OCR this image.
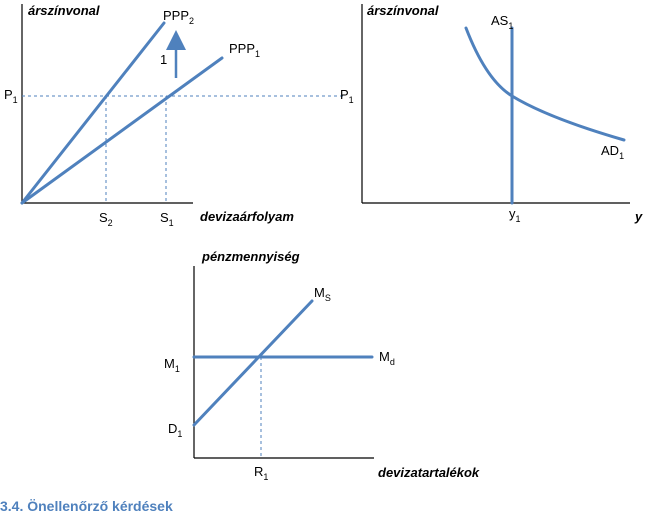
árszínvonal
devizaárfolyam
1
$PPP_2$
$PPP_1$
$P_1$
$S_2$	$S_1$
árszínvonal
y
$AS_1$
$AD_1$
$P_1$
$y_1$
pénzmennyiség
devizatartalékok
$M_S$
$M_d$
$M_1$
$D_1$
$R_1$
3.4. Önellenőrző kérdések
